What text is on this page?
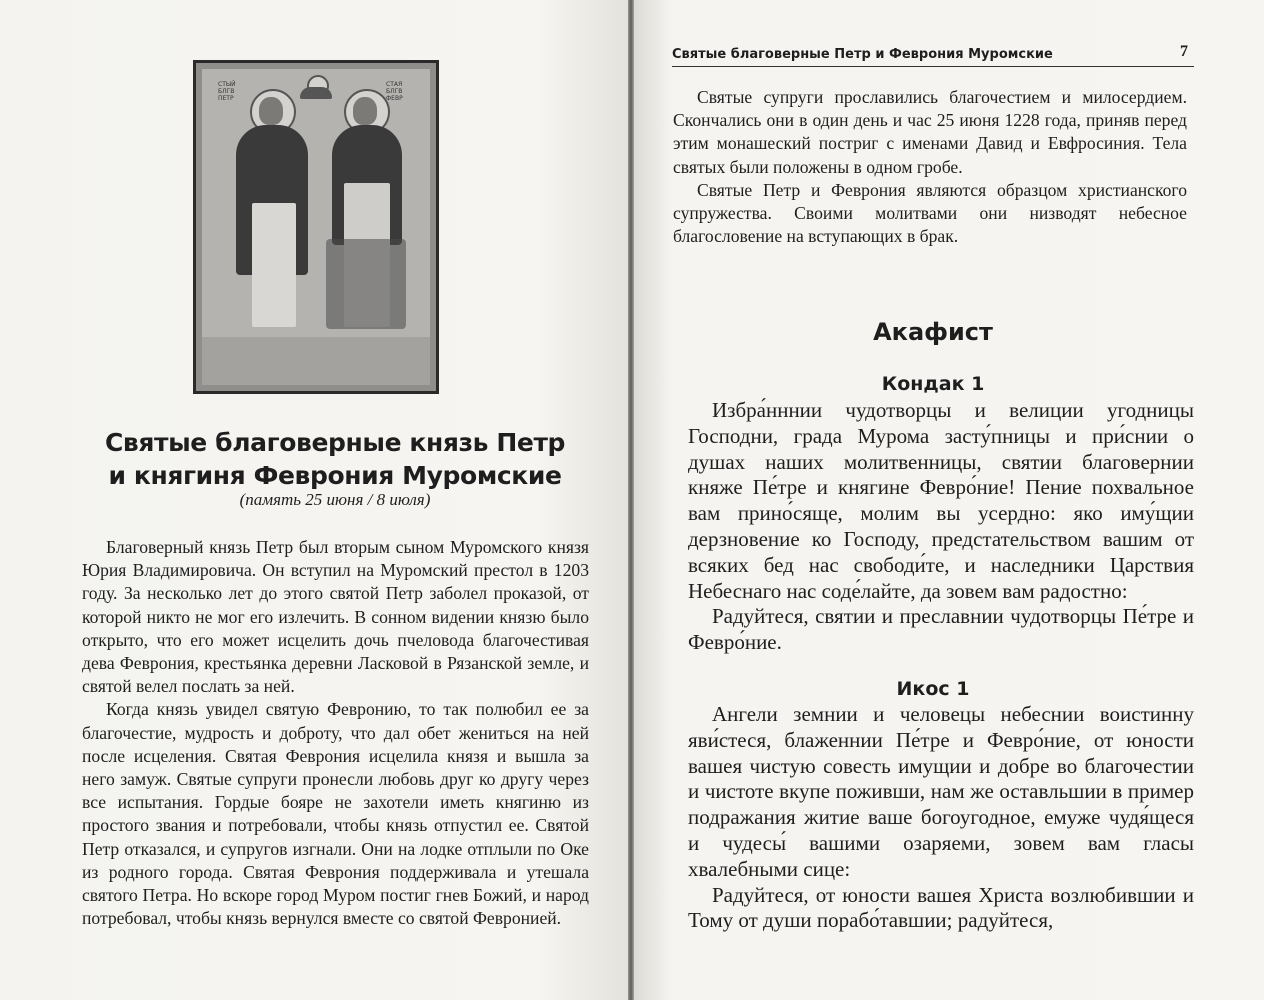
СТЫЙ
БЛГВ
ПЕТР
СТАЯ
БЛГВ
ФЕВР
Святые благоверные князь Петр
и княгиня Феврония Муромские
(память 25 июня / 8 июля)

Благоверный князь Петр был вторым сыном Муромского князя Юрия Владимировича. Он вступил на Муромский престол в 1203 году. За несколько лет до этого святой Петр заболел проказой, от которой никто не мог его излечить. В сонном видении князю было открыто, что его может исцелить дочь пчеловода благочестивая дева Феврония, крестьянка деревни Ласковой в Рязанской земле, и святой велел послать за ней.

Когда князь увидел святую Февронию, то так полюбил ее за благочестие, мудрость и доброту, что дал обет жениться на ней после исцеления. Святая Феврония исцелила князя и вышла за него замуж. Святые супруги пронесли любовь друг ко другу через все испытания. Гордые бояре не захотели иметь княгиню из простого звания и потребовали, чтобы князь отпустил ее. Святой Петр отказался, и супругов изгнали. Они на лодке отплыли по Оке из родного города. Святая Феврония поддерживала и утешала святого Петра. Но вскоре город Муром постиг гнев Божий, и народ потребовал, чтобы князь вернулся вместе со святой Февронией.

Святые благоверные Петр и Феврония Муромские	7

Святые супруги прославились благочестием и милосердием. Скончались они в один день и час 25 июня 1228 года, приняв перед этим монашеский постриг с именами Давид и Евфросиния. Тела святых были положены в одном гробе.

Святые Петр и Феврония являются образцом христианского супружества. Своими молитвами они низводят небесное благословение на вступающих в брак.

Акафист
Кондак 1

Избра́нннии чудотворцы и велиции угодницы Господни, града Мурома засту́пницы и при́снии о душах наших молитвенницы, святии благовернии княже Пе́тре и княгине Февро́ние! Пение похвальное вам прино́сяще, молим вы усердно: яко иму́щии дерзновение ко Господу, предстательством вашим от всяких бед нас свободи́те, и наследники Царствия Небеснаго нас соде́лайте, да зовем вам радостно:

Радуйтеся, святии и преславнии чудотворцы Пе́тре и Февро́ние.

Икос 1

Ангели земнии и человецы небеснии воистинну яви́стеся, блаженнии Пе́тре и Февро́ние, от юности вашея чистую совесть имущии и добре во благочестии и чистоте вкупе поживши, нам же оставльшии в пример подражания житие ваше богоугодное, емуже чудя́щеся и чудесы́ вашими озаряеми, зовем вам гласы хвалебными сице:

Радуйтеся, от юности вашея Христа возлюбившии и Тому от души порабо́тавшии; радуйтеся,
